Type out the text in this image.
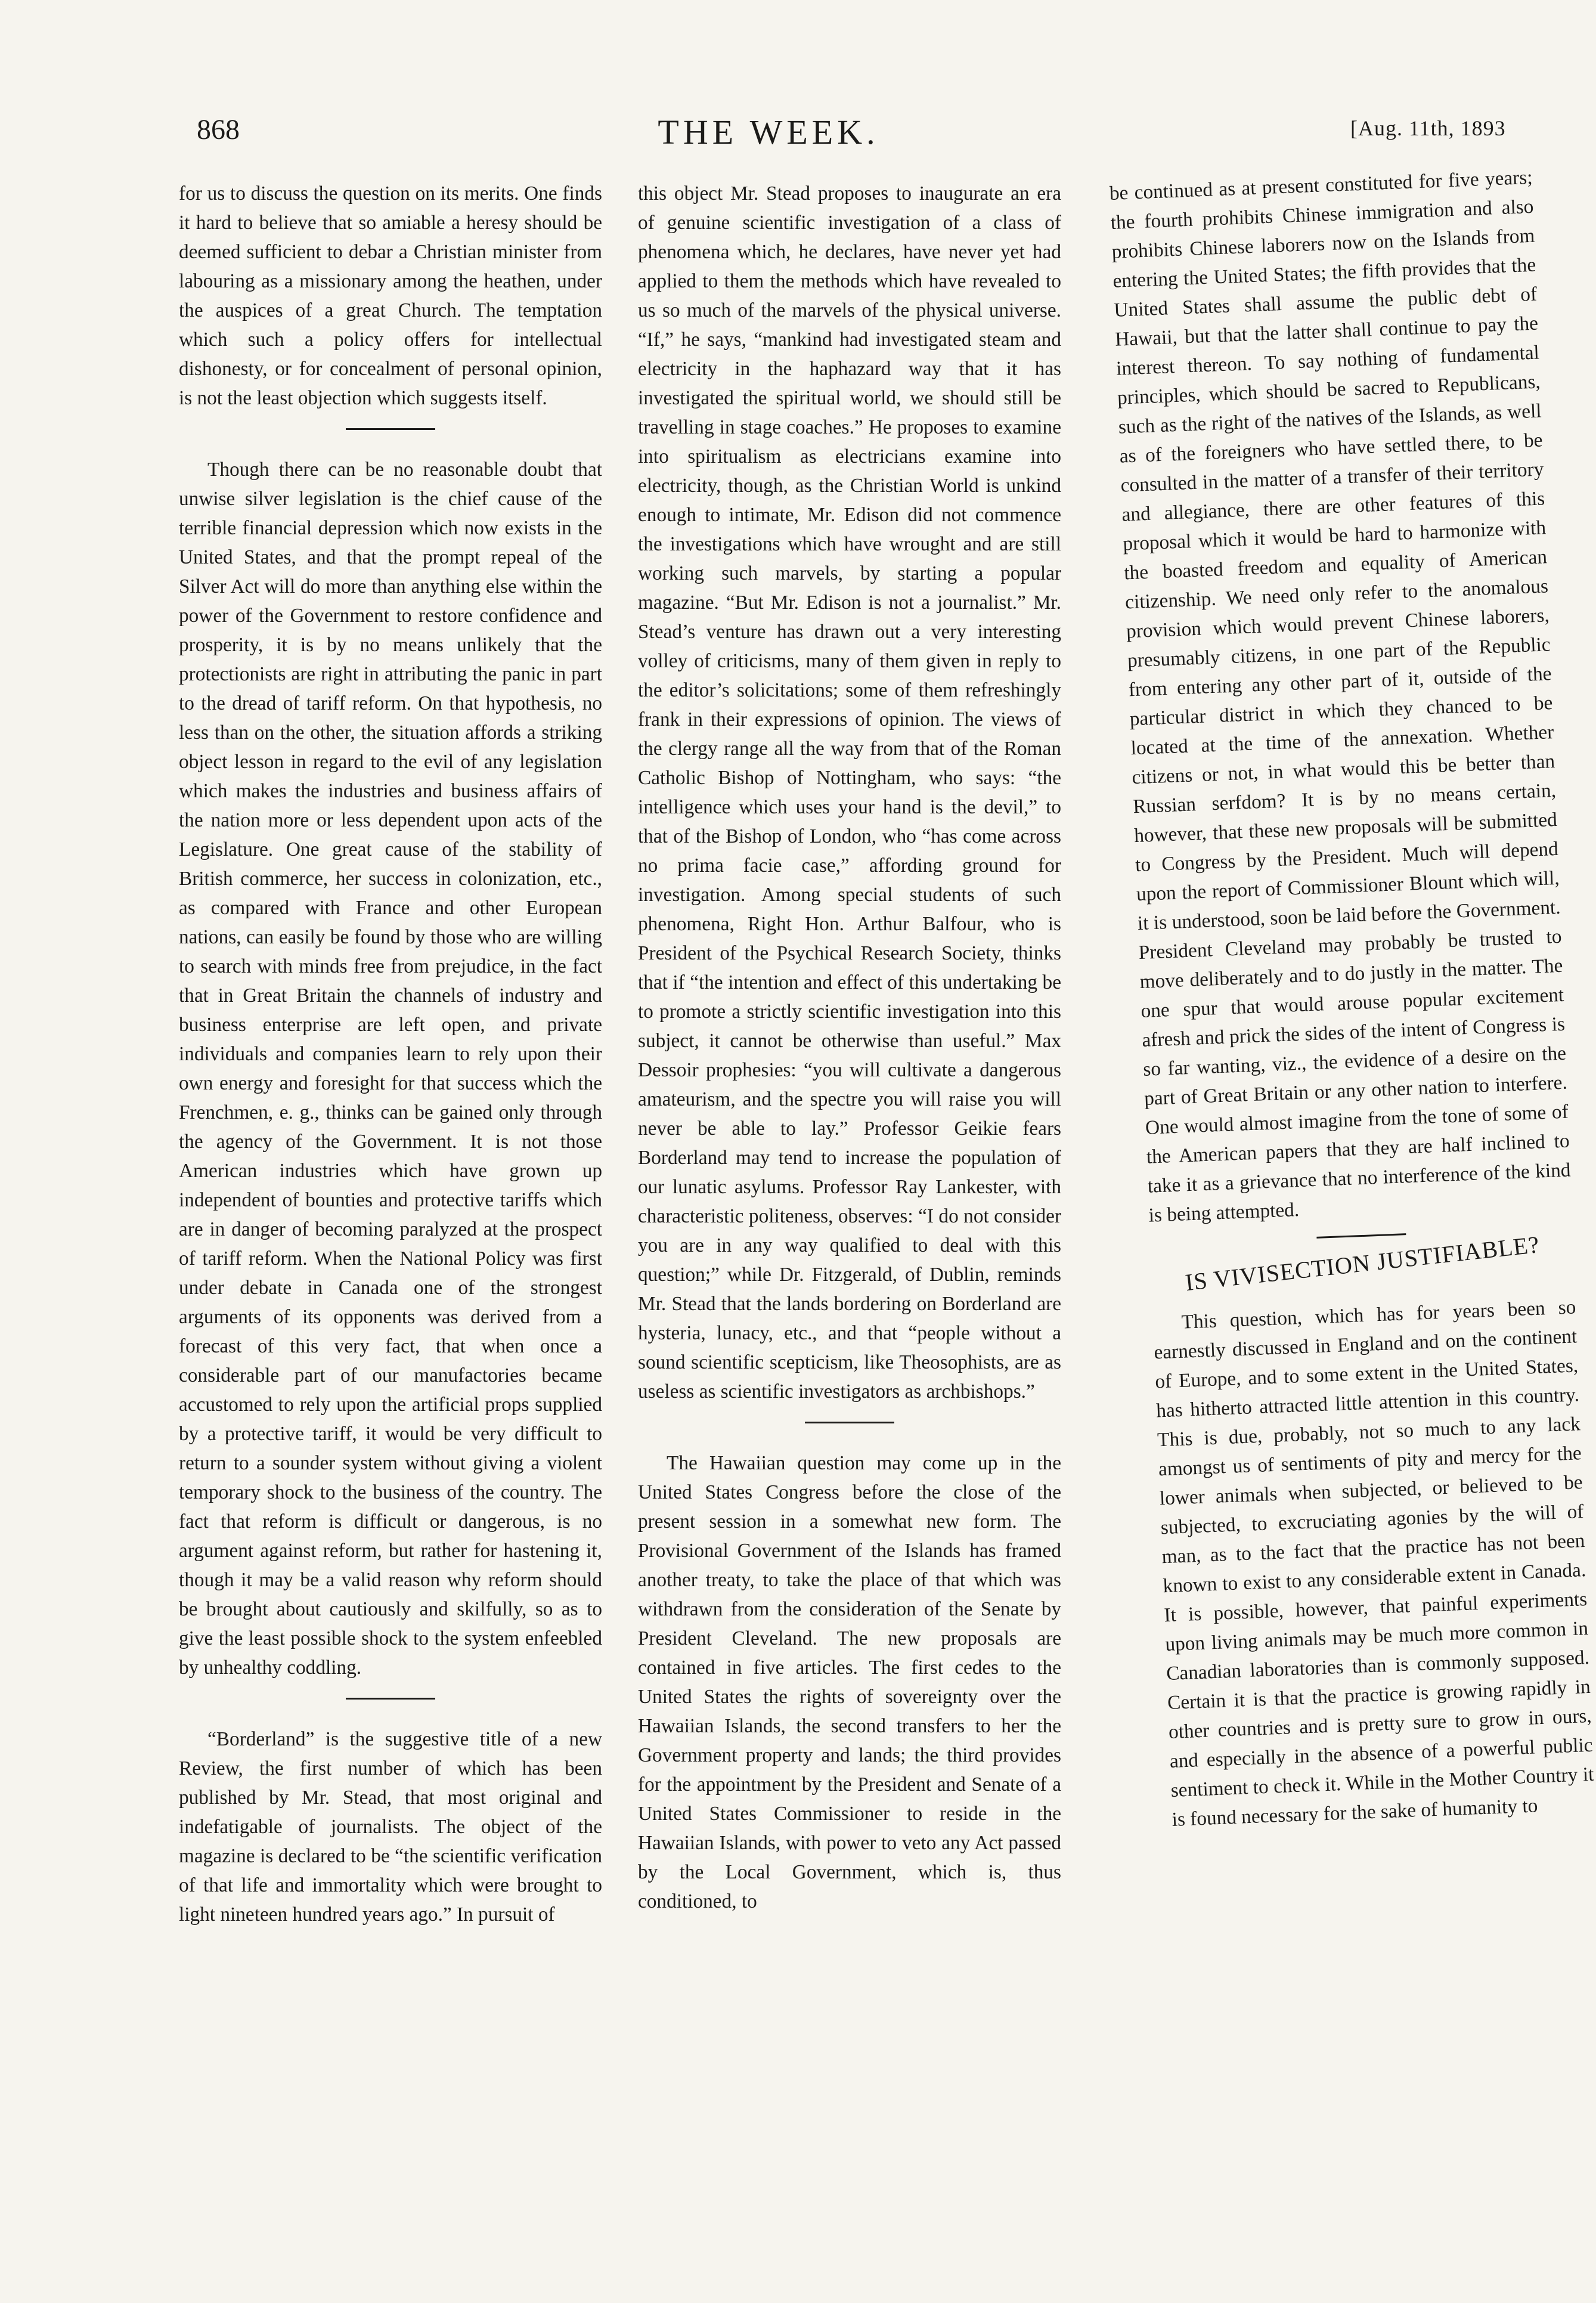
868	THE WEEK.	[Aug. 11th, 1893

for us to discuss the question on its merits. One finds it hard to believe that so amiable a heresy should be deemed sufficient to debar a Christian minister from labouring as a missionary among the heathen, under the auspices of a great Church. The temptation which such a policy offers for intellectual dishonesty, or for concealment of personal opinion, is not the least objection which suggests itself.

Though there can be no reasonable doubt that unwise silver legislation is the chief cause of the terrible financial depression which now exists in the United States, and that the prompt repeal of the Silver Act will do more than anything else within the power of the Government to restore confidence and prosperity, it is by no means unlikely that the protectionists are right in attributing the panic in part to the dread of tariff reform. On that hypothesis, no less than on the other, the situation affords a striking object lesson in regard to the evil of any legislation which makes the industries and business affairs of the nation more or less dependent upon acts of the Legislature. One great cause of the stability of British commerce, her success in colonization, etc., as compared with France and other European nations, can easily be found by those who are willing to search with minds free from prejudice, in the fact that in Great Britain the channels of industry and business enterprise are left open, and private individuals and companies learn to rely upon their own energy and foresight for that success which the Frenchmen, e. g., thinks can be gained only through the agency of the Government. It is not those American industries which have grown up independent of bounties and protective tariffs which are in danger of becoming paralyzed at the prospect of tariff reform. When the National Policy was first under debate in Canada one of the strongest arguments of its opponents was derived from a forecast of this very fact, that when once a considerable part of our manufactories became accustomed to rely upon the artificial props supplied by a protective tariff, it would be very difficult to return to a sounder system without giving a violent temporary shock to the business of the country. The fact that reform is difficult or dangerous, is no argument against reform, but rather for hastening it, though it may be a valid reason why reform should be brought about cautiously and skilfully, so as to give the least possible shock to the system enfeebled by unhealthy coddling.

“Borderland” is the suggestive title of a new Review, the first number of which has been published by Mr. Stead, that most original and indefatigable of journalists. The object of the magazine is declared to be “the scientific verification of that life and immortality which were brought to light nineteen hundred years ago.” In pursuit of

this object Mr. Stead proposes to inaugurate an era of genuine scientific investigation of a class of phenomena which, he declares, have never yet had applied to them the methods which have revealed to us so much of the marvels of the physical universe. “If,” he says, “mankind had investigated steam and electricity in the haphazard way that it has investigated the spiritual world, we should still be travelling in stage coaches.” He proposes to examine into spiritualism as electricians examine into electricity, though, as the Christian World is unkind enough to intimate, Mr. Edison did not commence the investigations which have wrought and are still working such marvels, by starting a popular magazine. “But Mr. Edison is not a journalist.” Mr. Stead’s venture has drawn out a very interesting volley of criticisms, many of them given in reply to the editor’s solicitations; some of them refreshingly frank in their expressions of opinion. The views of the clergy range all the way from that of the Roman Catholic Bishop of Nottingham, who says: “the intelligence which uses your hand is the devil,” to that of the Bishop of London, who “has come across no prima facie case,” affording ground for investigation. Among special students of such phenomena, Right Hon. Arthur Balfour, who is President of the Psychical Research Society, thinks that if “the intention and effect of this undertaking be to promote a strictly scientific investigation into this subject, it cannot be otherwise than useful.” Max Dessoir prophesies: “you will cultivate a dangerous amateurism, and the spectre you will raise you will never be able to lay.” Professor Geikie fears Borderland may tend to increase the population of our lunatic asylums. Professor Ray Lankester, with characteristic politeness, observes: “I do not consider you are in any way qualified to deal with this question;” while Dr. Fitzgerald, of Dublin, reminds Mr. Stead that the lands bordering on Borderland are hysteria, lunacy, etc., and that “people without a sound scientific scepticism, like Theosophists, are as useless as scientific investigators as archbishops.”

The Hawaiian question may come up in the United States Congress before the close of the present session in a somewhat new form. The Provisional Government of the Islands has framed another treaty, to take the place of that which was withdrawn from the consideration of the Senate by President Cleveland. The new proposals are contained in five articles. The first cedes to the United States the rights of sovereignty over the Hawaiian Islands, the second transfers to her the Government property and lands; the third provides for the appointment by the President and Senate of a United States Commissioner to reside in the Hawaiian Islands, with power to veto any Act passed by the Local Government, which is, thus conditioned, to

be continued as at present constituted for five years; the fourth prohibits Chinese immigration and also prohibits Chinese laborers now on the Islands from entering the United States; the fifth provides that the United States shall assume the public debt of Hawaii, but that the latter shall continue to pay the interest thereon. To say nothing of fundamental principles, which should be sacred to Republicans, such as the right of the natives of the Islands, as well as of the foreigners who have settled there, to be consulted in the matter of a transfer of their territory and allegiance, there are other features of this proposal which it would be hard to harmonize with the boasted freedom and equality of American citizenship. We need only refer to the anomalous provision which would prevent Chinese laborers, presumably citizens, in one part of the Republic from entering any other part of it, outside of the particular district in which they chanced to be located at the time of the annexation. Whether citizens or not, in what would this be better than Russian serfdom? It is by no means certain, however, that these new proposals will be submitted to Congress by the President. Much will depend upon the report of Commissioner Blount which will, it is understood, soon be laid before the Government. President Cleveland may probably be trusted to move deliberately and to do justly in the matter. The one spur that would arouse popular excitement afresh and prick the sides of the intent of Congress is so far wanting, viz., the evidence of a desire on the part of Great Britain or any other nation to interfere. One would almost imagine from the tone of some of the American papers that they are half inclined to take it as a grievance that no interference of the kind is being attempted.

IS VIVISECTION JUSTIFIABLE?

This question, which has for years been so earnestly discussed in England and on the continent of Europe, and to some extent in the United States, has hitherto attracted little attention in this country. This is due, probably, not so much to any lack amongst us of sentiments of pity and mercy for the lower animals when subjected, or believed to be subjected, to excruciating agonies by the will of man, as to the fact that the practice has not been known to exist to any considerable extent in Canada. It is possible, however, that painful experiments upon living animals may be much more common in Canadian laboratories than is commonly supposed. Certain it is that the practice is growing rapidly in other countries and is pretty sure to grow in ours, and especially in the absence of a powerful public sentiment to check it. While in the Mother Country it is found necessary for the sake of humanity to
